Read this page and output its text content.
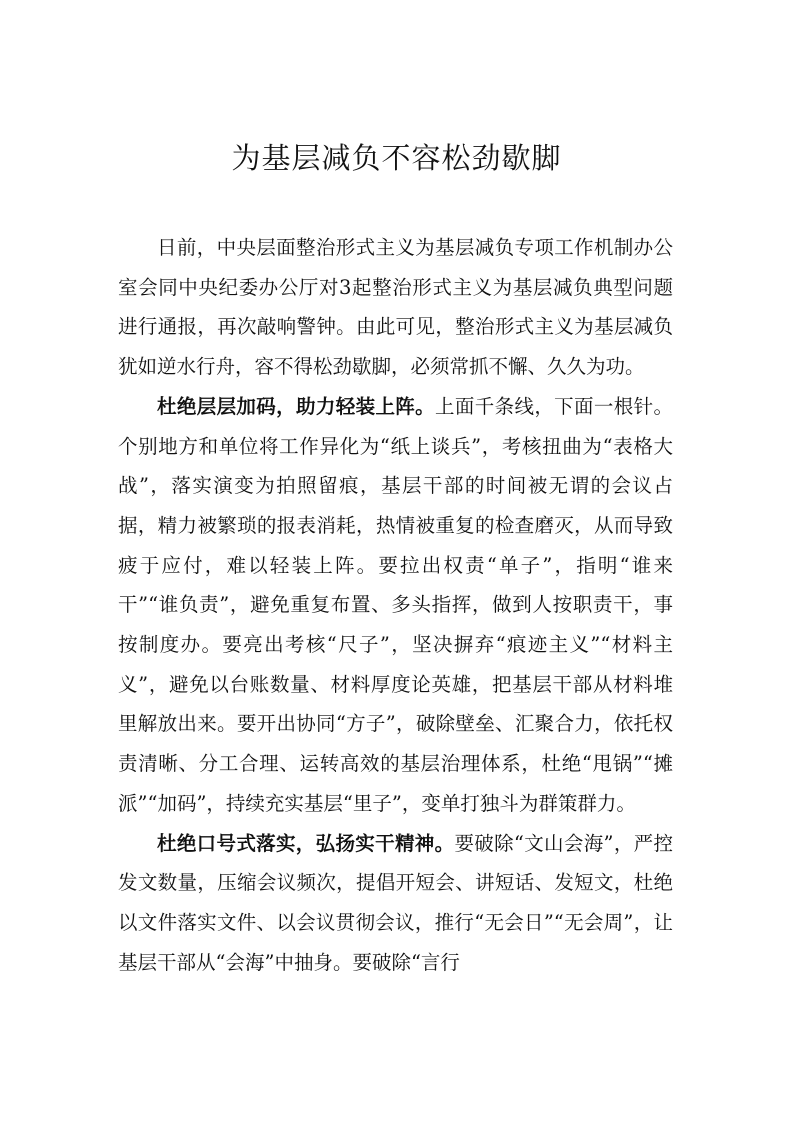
为基层减负不容松劲歇脚

日前，中央层面整治形式主义为基层减负专项工作机制办公室会同中央纪委办公厅对3起整治形式主义为基层减负典型问题进行通报，再次敲响警钟。由此可见，整治形式主义为基层减负犹如逆水行舟，容不得松劲歇脚，必须常抓不懈、久久为功。

杜绝层层加码，助力轻装上阵。上面千条线，下面一根针。个别地方和单位将工作异化为“纸上谈兵”，考核扭曲为“表格大战”，落实演变为拍照留痕，基层干部的时间被无谓的会议占据，精力被繁琐的报表消耗，热情被重复的检查磨灭，从而导致疲于应付，难以轻装上阵。要拉出权责“单子”，指明“谁来干”“谁负责”，避免重复布置、多头指挥，做到人按职责干，事按制度办。要亮出考核“尺子”，坚决摒弃“痕迹主义”“材料主义”，避免以台账数量、材料厚度论英雄，把基层干部从材料堆里解放出来。要开出协同“方子”，破除壁垒、汇聚合力，依托权责清晰、分工合理、运转高效的基层治理体系，杜绝“甩锅”“摊派”“加码”，持续充实基层“里子”，变单打独斗为群策群力。

杜绝口号式落实，弘扬实干精神。要破除“文山会海”，严控发文数量，压缩会议频次，提倡开短会、讲短话、发短文，杜绝以文件落实文件、以会议贯彻会议，推行“无会日”“无会周”，让基层干部从“会海”中抽身。要破除“言行
